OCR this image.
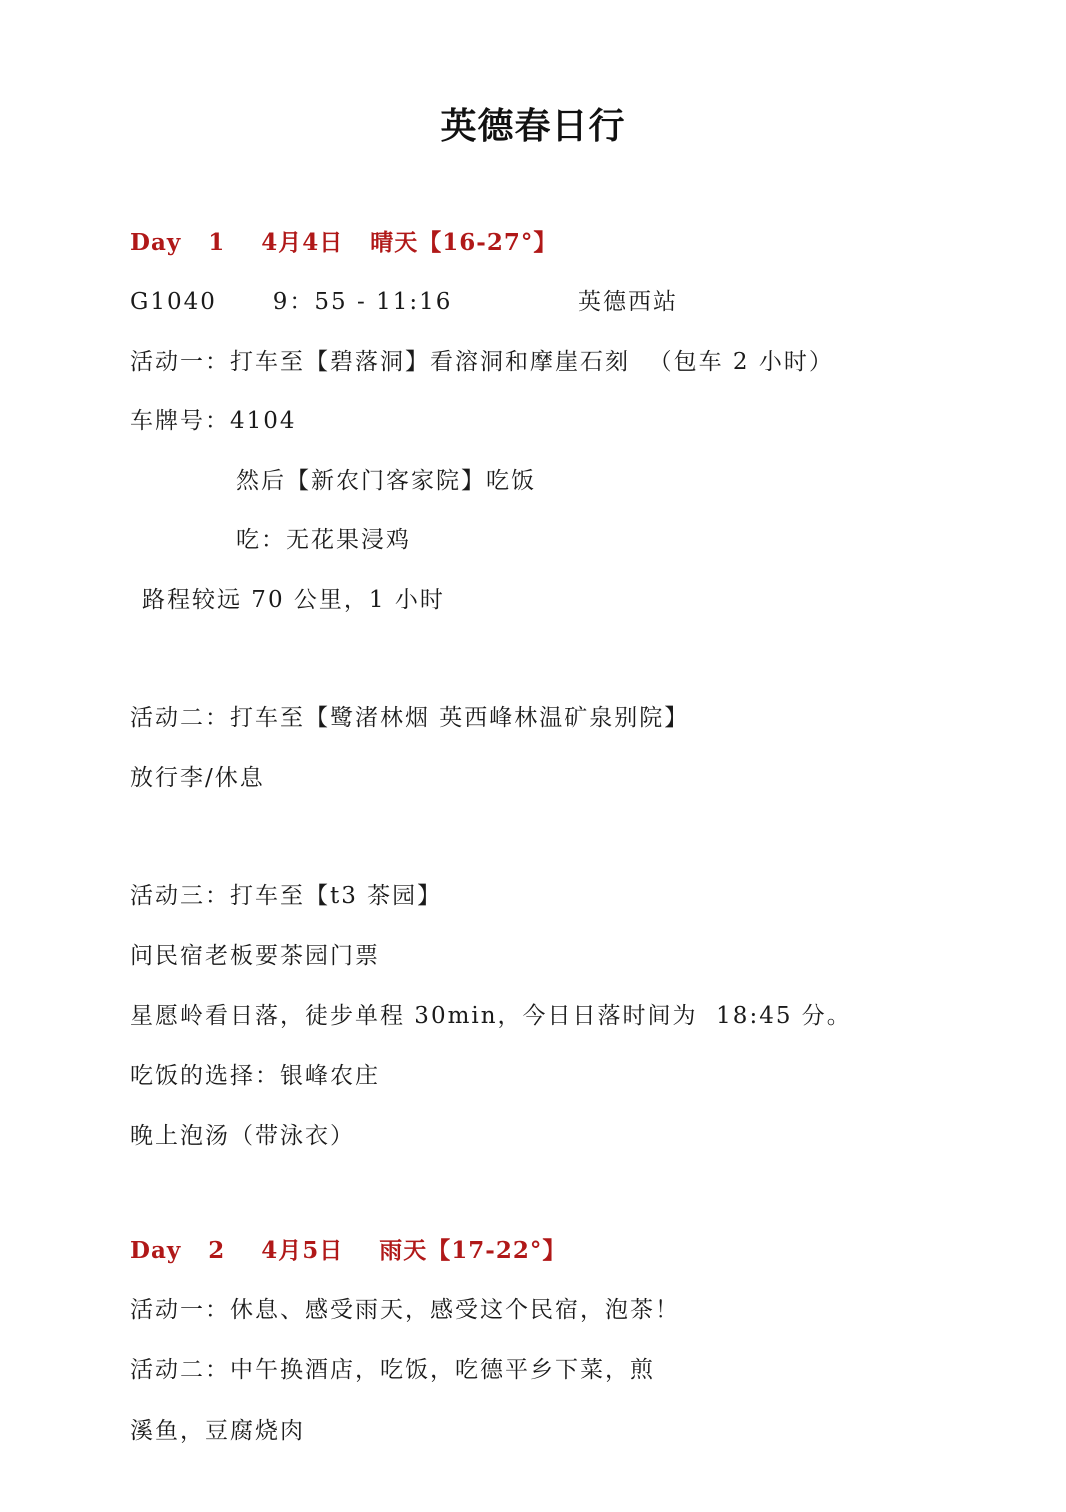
英德春日行
Day   1    4月4日   晴天【16-27°】
G1040      9：55 - 11:16	英德西站
活动一：打车至【碧落洞】看溶洞和摩崖石刻  （包车 2 小时）
车牌号：4104
然后【新农门客家院】吃饭
吃：无花果浸鸡
路程较远 70 公里，1 小时
活动二：打车至【鹭渚林烟 英西峰林温矿泉别院】
放行李/休息
活动三：打车至【t3 茶园】
问民宿老板要茶园门票
星愿岭看日落，徒步单程 30min，今日日落时间为  18:45 分。
吃饭的选择：银峰农庄
晚上泡汤（带泳衣）
Day   2    4月5日    雨天【17-22°】
活动一：休息、感受雨天，感受这个民宿，泡茶！
活动二：中午换酒店，吃饭，吃德平乡下菜，煎
溪鱼，豆腐烧肉
